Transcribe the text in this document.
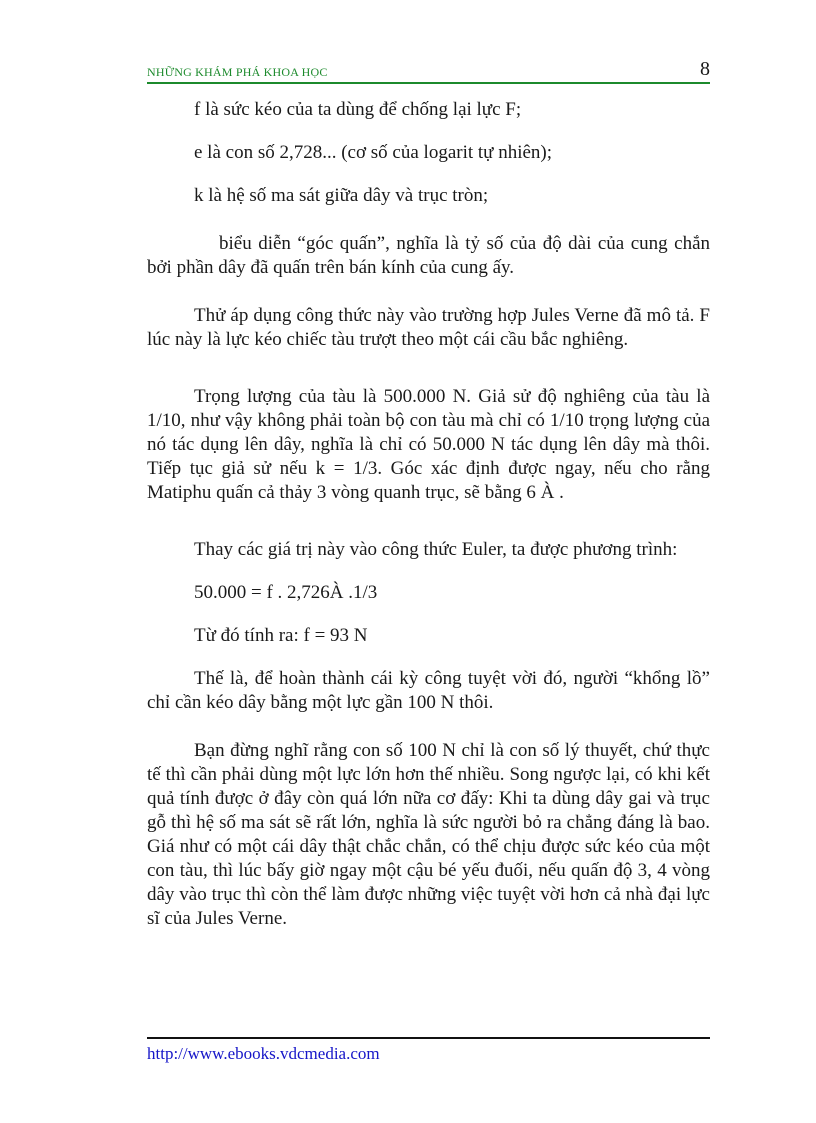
NHỮNG KHÁM PHÁ KHOA HỌC	8

f là sức kéo của ta dùng để chống lại lực F;

e là con số 2,728... (cơ số của logarit tự nhiên);

k là hệ số ma sát giữa dây và trục tròn;

biểu diễn “góc quấn”, nghĩa là tỷ số của độ dài của cung chắn bởi phần dây đã quấn trên bán kính của cung ấy.

Thử áp dụng công thức này vào trường hợp Jules Verne đã mô tả. F lúc này là lực kéo chiếc tàu trượt theo một cái cầu bắc nghiêng.

Trọng lượng của tàu là 500.000 N. Giả sử độ nghiêng của tàu là 1/10, như vậy không phải toàn bộ con tàu mà chỉ có 1/10 trọng lượng của nó tác dụng lên dây, nghĩa là chỉ có 50.000 N tác dụng lên dây mà thôi. Tiếp tục giả sử nếu k = 1/3. Góc xác định được ngay, nếu cho rằng Matiphu quấn cả thảy 3 vòng quanh trục, sẽ bằng 6 À .

Thay các giá trị này vào công thức Euler, ta được phương trình:

50.000 = f . 2,726À .1/3

Từ đó tính ra: f = 93 N

Thế là, để hoàn thành cái kỳ công tuyệt vời đó, người “khổng lồ” chỉ cần kéo dây bằng một lực gần 100 N thôi.

Bạn đừng nghĩ rằng con số 100 N chỉ là con số lý thuyết, chứ thực tế thì cần phải dùng một lực lớn hơn thế nhiều. Song ngược lại, có khi kết quả tính được ở đây còn quá lớn nữa cơ đấy: Khi ta dùng dây gai và trục gỗ thì hệ số ma sát sẽ rất lớn, nghĩa là sức người bỏ ra chẳng đáng là bao. Giá như có một cái dây thật chắc chắn, có thể chịu được sức kéo của một con tàu, thì lúc bấy giờ ngay một cậu bé yếu đuối, nếu quấn độ 3, 4 vòng dây vào trục thì còn thể làm được những việc tuyệt vời hơn cả nhà đại lực sĩ của Jules Verne.

http://www.ebooks.vdcmedia.com
